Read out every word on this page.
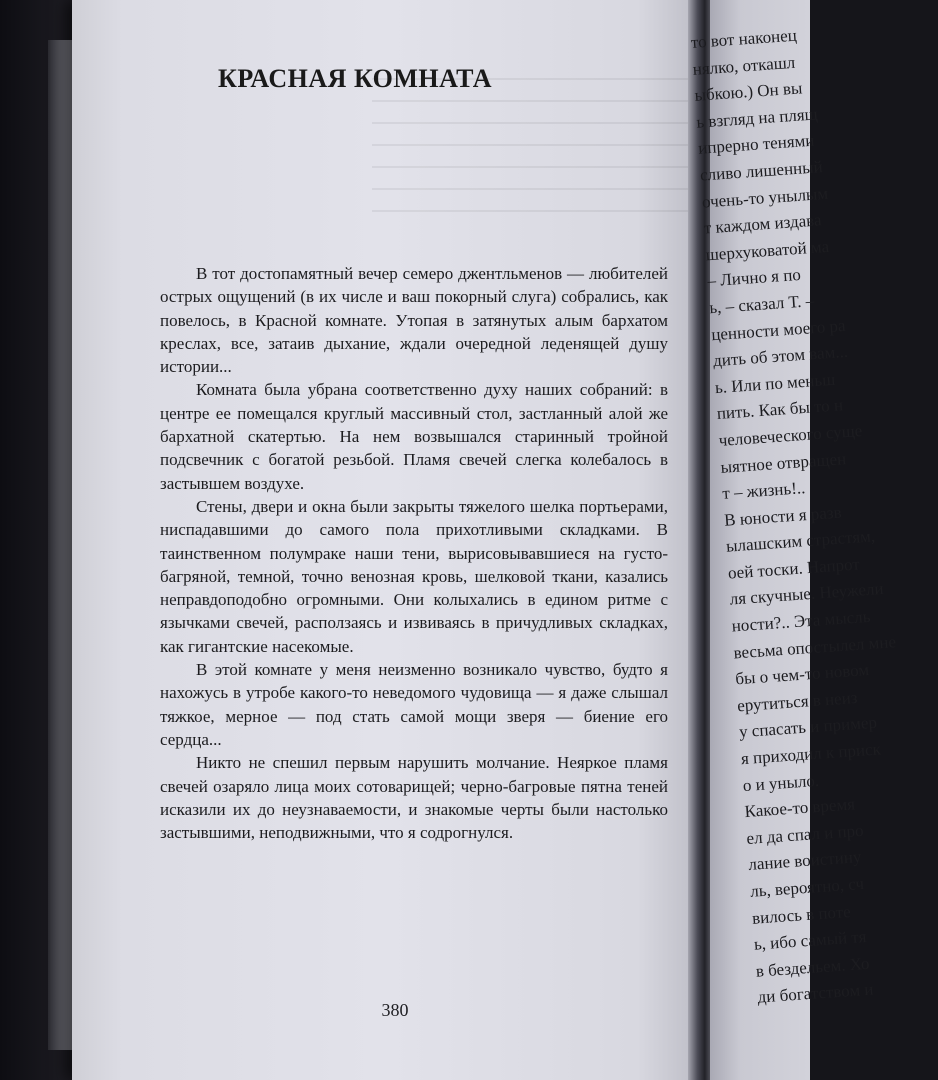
КРАСНАЯ КОМНАТА

В тот достопамятный вечер семеро джентльменов — любителей острых ощущений (в их числе и ваш покорный слуга) собрались, как повелось, в Красной комнате. Утопая в затянутых алым бархатом креслах, все, затаив дыхание, ждали очередной леденящей душу истории...

Комната была убрана соответственно духу наших собраний: в центре ее помещался круглый массивный стол, застланный алой же бархатной скатертью. На нем возвышался старинный тройной подсвечник с богатой резьбой. Пламя свечей слегка колебалось в застывшем воздухе.

Стены, двери и окна были закрыты тяжелого шелка портьерами, ниспадавшими до самого пола прихотливыми складками. В таинственном полумраке наши тени, вырисовывавшиеся на густо-багряной, темной, точно венозная кровь, шелковой ткани, казались неправдоподобно огромными. Они колыхались в едином ритме с язычками свечей, расползаясь и извиваясь в причудливых складках, как гигантские насекомые.

В этой комнате у меня неизменно возникало чувство, будто я нахожусь в утробе какого-то неведомого чудовища — я даже слышал тяжкое, мерное — под стать самой мощи зверя — биение его сердца...

Никто не спешил первым нарушить молчание. Неяркое пламя свечей озаряло лица моих сотоварищей; черно-багровые пятна теней исказили их до неузнаваемости, и знакомые черты были настолько застывшими, неподвижными, что я содрогнулся.

380
то вот наконец
нялко, откашл
ыбкою.) Он вы
ь взгляд на плящ
ипрерно тенями
сливо лишенный
очень-то унылым
т каждом издава
шерхуковатой ма
– Лично я по
ь, – сказал Т. –
ценности моего ра
дить об этом вам...
ь. Или по меньш
пить. Как бы то н
человеческого суще
ыятное отвращен
т – жизнь!..
В юности я разв
ылашским страстям,
оей тоски. Напрот
ля скучные. Неужели
ности?.. Эта мысль
весьма опостылел мне
бы о чем-то новом
ерутиться в неиз
у спасать и пример
я приходил к приск
о и уныло.
Какое-то время
ел да спал и про
лание воистину
ль, вероятно, сч
вилось в поте
ь, ибо самый тя
в бездельем. Хо
ди богатством и
